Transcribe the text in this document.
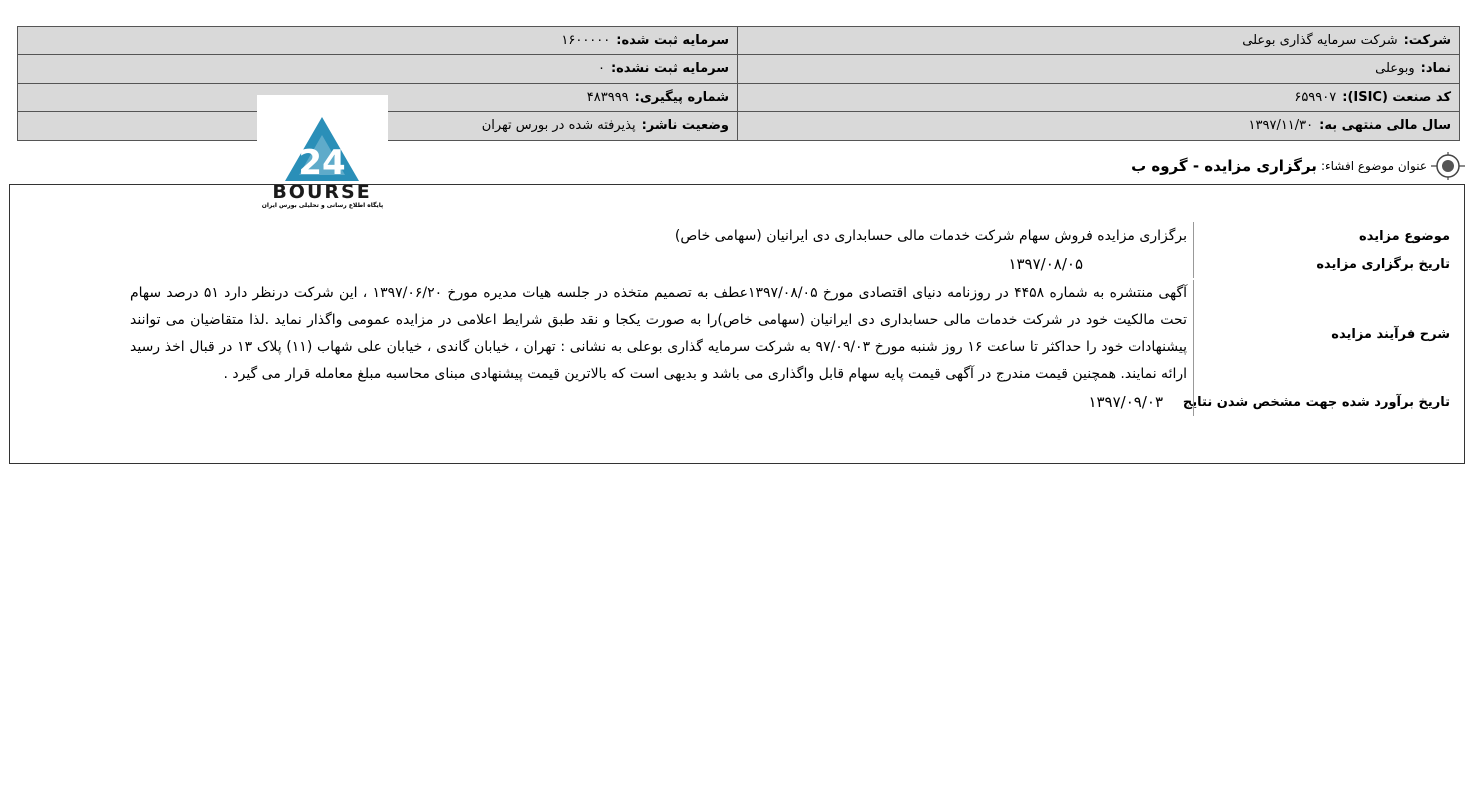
شرکت:
شرکت سرمایه گذاری بوعلی
سرمایه ثبت شده:
۱۶۰۰۰۰۰
نماد:
وبوعلی
سرمایه ثبت نشده:
۰
کد صنعت (ISIC):
۶۵۹۹۰۷
شماره پیگیری:
۴۸۳۹۹۹
سال مالی منتهی به:
۱۳۹۷/۱۱/۳۰
وضعیت ناشر:
پذیرفته شده در بورس تهران
24
BOURSE
پایگاه اطلاع رسانی و تحلیلی بورس ایران
عنوان موضوع افشاء:
برگزاری مزایده - گروه ب
موضوع مزایده
برگزاری مزایده فروش سهام شرکت خدمات مالی حسابداری دی ایرانیان (سهامی خاص)
تاریخ برگزاری مزایده
۱۳۹۷/۰۸/۰۵
شرح فرآیند مزایده
آگهی منتشره به شماره ۴۴۵۸ در روزنامه دنیای اقتصادی مورخ ۱۳۹۷/۰۸/۰۵عطف به تصمیم متخذه در جلسه هیات مدیره مورخ ۱۳۹۷/۰۶/۲۰ ، این شرکت درنظر دارد ۵۱ درصد سهام تحت مالکیت خود در شرکت خدمات مالی حسابداری دی ایرانیان (سهامی خاص)را به صورت یکجا و نقد طبق شرایط اعلامی در مزایده عمومی واگذار نماید .لذا متقاضیان می توانند پیشنهادات خود را حداکثر تا ساعت ۱۶ روز شنبه مورخ ۹۷/۰۹/۰۳ به شرکت سرمایه گذاری بوعلی به نشانی : تهران ، خیابان گاندی ، خیابان علی شهاب (۱۱) پلاک ۱۳ در قبال اخذ رسید ارائه نمایند. همچنین قیمت مندرج در آگهی قیمت پایه سهام قابل واگذاری می باشد و بدیهی است که بالاترین قیمت پیشنهادی مبنای محاسبه مبلغ معامله قرار می گیرد .
تاریخ برآورد شده جهت مشخص شدن نتایج
۱۳۹۷/۰۹/۰۳
